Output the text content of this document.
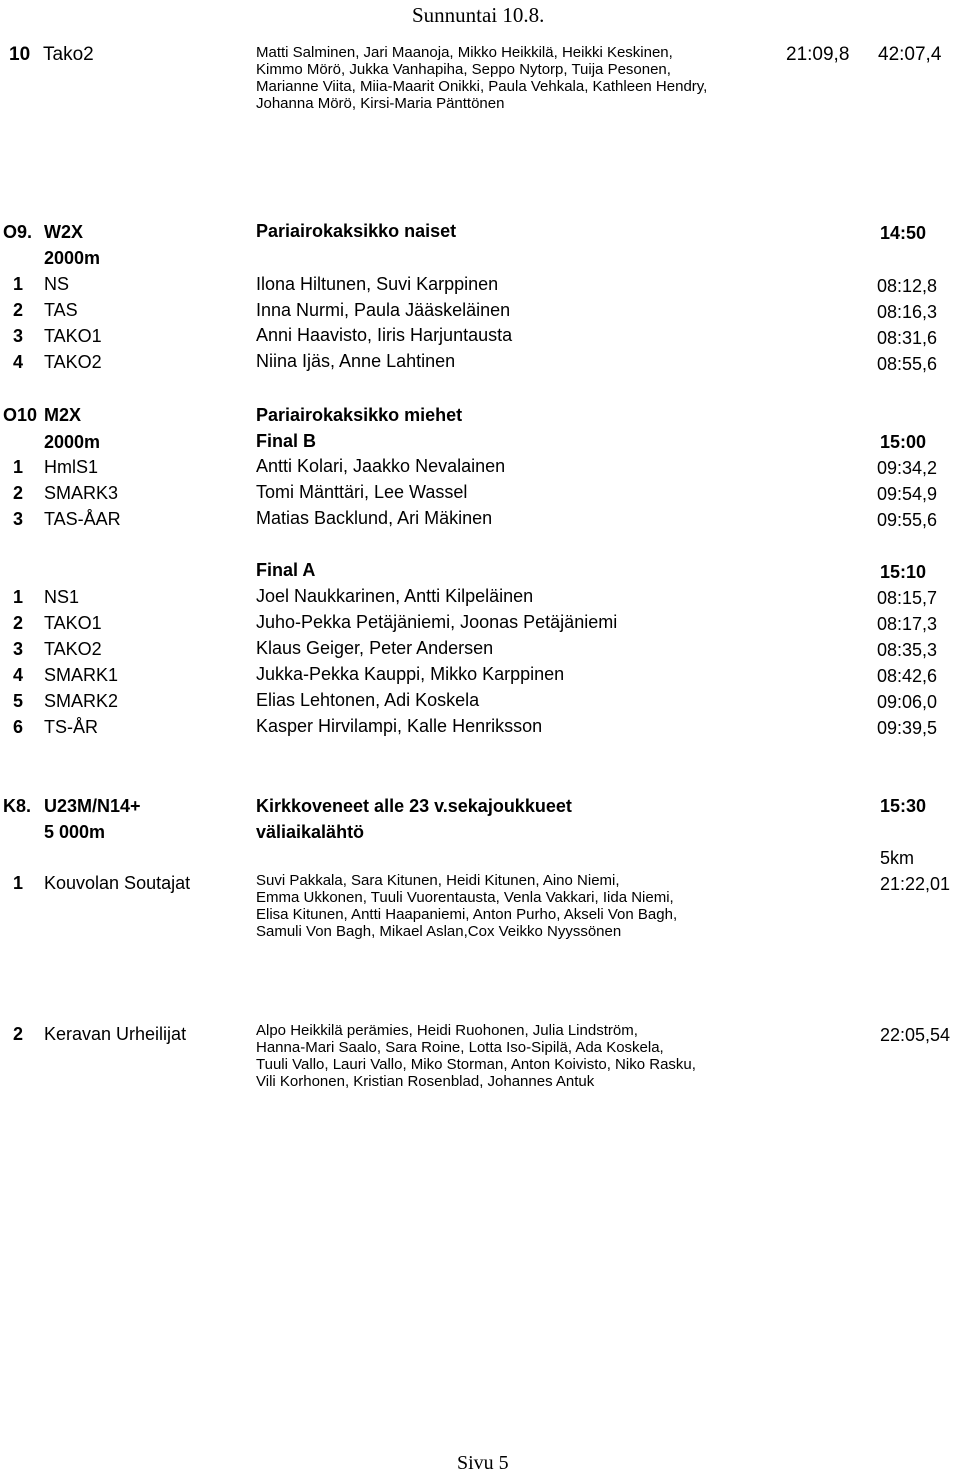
Sunnuntai 10.8.
10 Tako2	Matti Salminen, Jari Maanoja, Mikko Heikkilä, Heikki Keskinen,
Kimmo Mörö, Jukka Vanhapiha, Seppo Nytorp, Tuija Pesonen,
Marianne Viita, Miia-Maarit Onikki, Paula Vehkala, Kathleen Hendry,
Johanna Mörö, Kirsi-Maria Pänttönen
21:09,8 42:07,4
O9. W2X	Pariairokaksikko naiset	14:50
2000m
1 NS	Ilona Hiltunen, Suvi Karppinen	08:12,8
2 TAS	Inna Nurmi, Paula Jääskeläinen	08:16,3
3 TAKO1	Anni Haavisto, Iiris Harjuntausta	08:31,6
4 TAKO2	Niina Ijäs, Anne Lahtinen	08:55,6
O10 M2X	Pariairokaksikko miehet
2000m	Final B	15:00
1 HmlS1	Antti Kolari, Jaakko Nevalainen	09:34,2
2 SMARK3	Tomi Mänttäri, Lee Wassel	09:54,9
3 TAS-ÅAR	Matias Backlund, Ari Mäkinen	09:55,6
Final A	15:10
1 NS1	Joel Naukkarinen, Antti Kilpeläinen	08:15,7
2 TAKO1	Juho-Pekka Petäjäniemi, Joonas Petäjäniemi	08:17,3
3 TAKO2	Klaus Geiger, Peter Andersen	08:35,3
4 SMARK1	Jukka-Pekka Kauppi, Mikko Karppinen	08:42,6
5 SMARK2	Elias Lehtonen, Adi Koskela	09:06,0
6 TS-ÅR	Kasper Hirvilampi, Kalle Henriksson	09:39,5
K8. U23M/N14+	Kirkkoveneet alle 23 v.sekajoukkueet	15:30
5 000m	väliaikalähtö
5km
1 Kouvolan Soutajat	Suvi Pakkala, Sara Kitunen, Heidi Kitunen, Aino Niemi,
Emma Ukkonen, Tuuli Vuorentausta, Venla Vakkari, Iida Niemi,
Elisa Kitunen, Antti Haapaniemi, Anton Purho, Akseli Von Bagh,
Samuli Von Bagh, Mikael Aslan,Cox Veikko Nyyssönen
21:22,01
2 Keravan Urheilijat	Alpo Heikkilä perämies, Heidi Ruohonen, Julia Lindström,
Hanna-Mari Saalo, Sara Roine, Lotta Iso-Sipilä, Ada Koskela,
Tuuli Vallo, Lauri Vallo, Miko Storman, Anton Koivisto, Niko Rasku,
Vili Korhonen, Kristian Rosenblad, Johannes Antuk
22:05,54
Sivu 5
